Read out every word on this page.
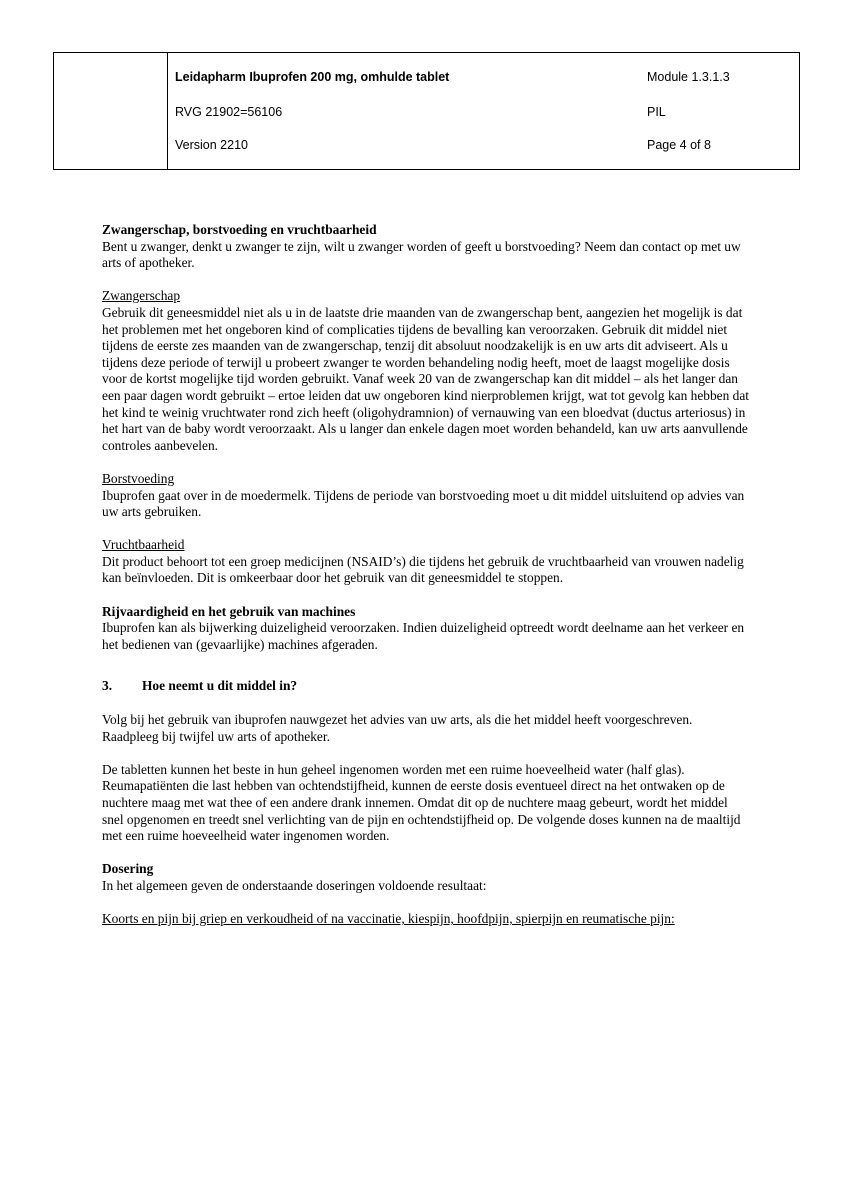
Leidapharm Ibuprofen 200 mg, omhulde tablet
RVG 21902=56106
Version 2210
Module 1.3.1.3
PIL
Page 4 of 8

Zwangerschap, borstvoeding en vruchtbaarheid

Bent u zwanger, denkt u zwanger te zijn, wilt u zwanger worden of geeft u borstvoeding? Neem dan contact op met uw arts of apotheker.

Zwangerschap

Gebruik dit geneesmiddel niet als u in de laatste drie maanden van de zwangerschap bent, aangezien het mogelijk is dat het problemen met het ongeboren kind of complicaties tijdens de bevalling kan veroorzaken. Gebruik dit middel niet tijdens de eerste zes maanden van de zwangerschap, tenzij dit absoluut noodzakelijk is en uw arts dit adviseert. Als u tijdens deze periode of terwijl u probeert zwanger te worden behandeling nodig heeft, moet de laagst mogelijke dosis voor de kortst mogelijke tijd worden gebruikt. Vanaf week 20 van de zwangerschap kan dit middel – als het langer dan een paar dagen wordt gebruikt – ertoe leiden dat uw ongeboren kind nierproblemen krijgt, wat tot gevolg kan hebben dat het kind te weinig vruchtwater rond zich heeft (oligohydramnion) of vernauwing van een bloedvat (ductus arteriosus) in het hart van de baby wordt veroorzaakt. Als u langer dan enkele dagen moet worden behandeld, kan uw arts aanvullende controles aanbevelen.

Borstvoeding

Ibuprofen gaat over in de moedermelk. Tijdens de periode van borstvoeding moet u dit middel uitsluitend op advies van uw arts gebruiken.

Vruchtbaarheid

Dit product behoort tot een groep medicijnen (NSAID’s) die tijdens het gebruik de vruchtbaarheid van vrouwen nadelig kan beïnvloeden. Dit is omkeerbaar door het gebruik van dit geneesmiddel te stoppen.

Rijvaardigheid en het gebruik van machines

Ibuprofen kan als bijwerking duizeligheid veroorzaken. Indien duizeligheid optreedt wordt deelname aan het verkeer en het bedienen van (gevaarlijke) machines afgeraden.

3. Hoe neemt u dit middel in?

Volg bij het gebruik van ibuprofen nauwgezet het advies van uw arts, als die het middel heeft voorgeschreven. Raadpleeg bij twijfel uw arts of apotheker.

De tabletten kunnen het beste in hun geheel ingenomen worden met een ruime hoeveelheid water (half glas). Reumapatiënten die last hebben van ochtendstijfheid, kunnen de eerste dosis eventueel direct na het ontwaken op de nuchtere maag met wat thee of een andere drank innemen. Omdat dit op de nuchtere maag gebeurt, wordt het middel snel opgenomen en treedt snel verlichting van de pijn en ochtendstijfheid op. De volgende doses kunnen na de maaltijd met een ruime hoeveelheid water ingenomen worden.

Dosering

In het algemeen geven de onderstaande doseringen voldoende resultaat:

Koorts en pijn bij griep en verkoudheid of na vaccinatie, kiespijn, hoofdpijn, spierpijn en reumatische pijn:
